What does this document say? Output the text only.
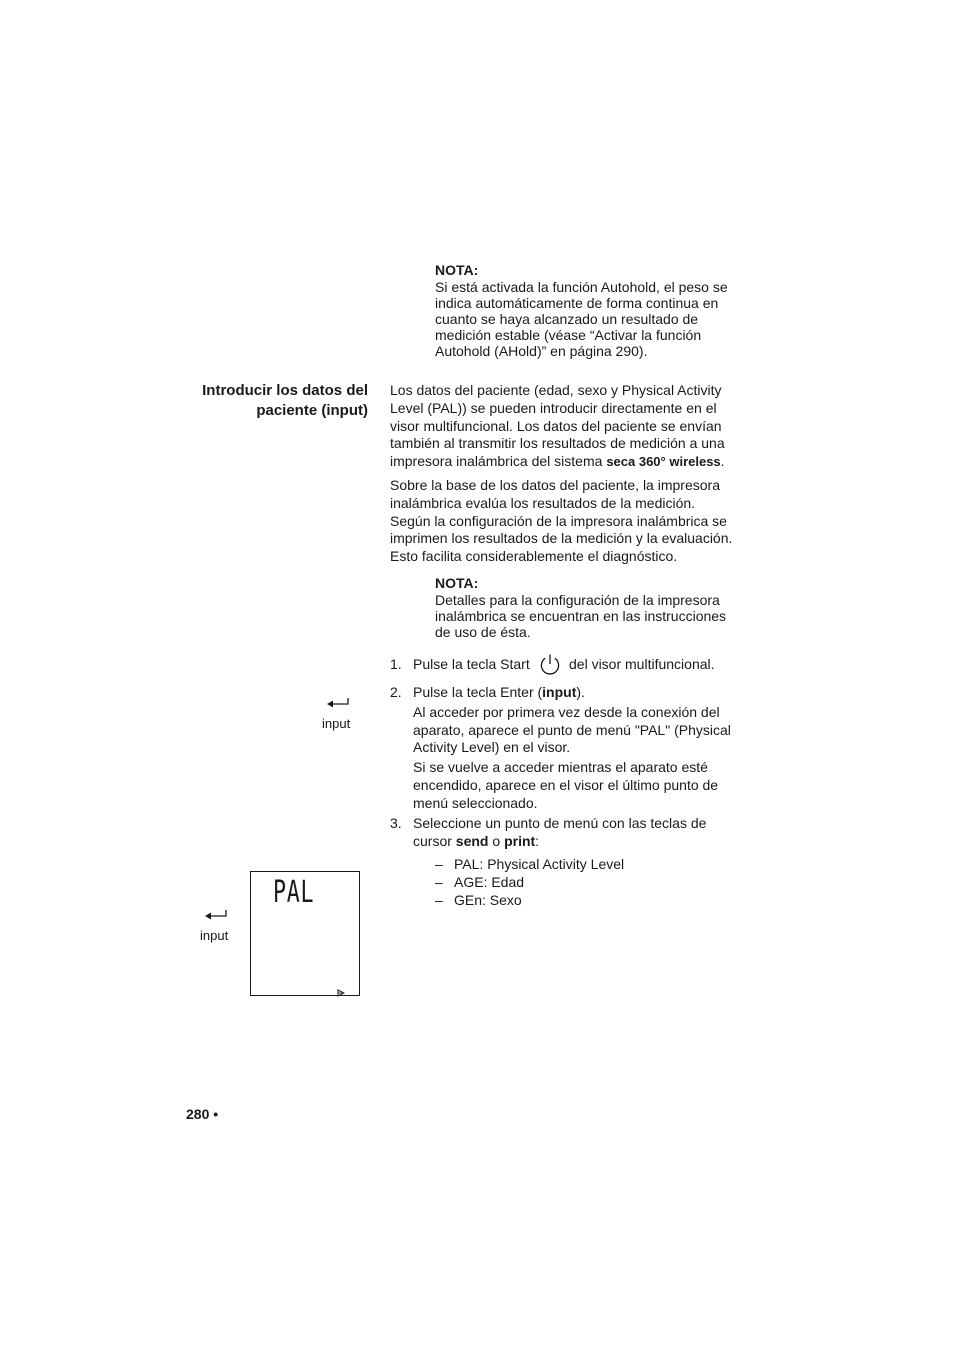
NOTA:
Si está activada la función Autohold, el peso se
indica automáticamente de forma continua en
cuanto se haya alcanzado un resultado de
medición estable (véase “Activar la función
Autohold (AHold)” en página 290).
Introducir los datos del
paciente (input)

Los datos del paciente (edad, sexo y Physical Activity

Level (PAL)) se pueden introducir directamente en el

visor multifuncional. Los datos del paciente se envían

también al transmitir los resultados de medición a una

impresora inalámbrica del sistema seca 360° wireless.

Sobre la base de los datos del paciente, la impresora

inalámbrica evalúa los resultados de la medición.

Según la configuración de la impresora inalámbrica se

imprimen los resultados de la medición y la evaluación.

Esto facilita considerablemente el diagnóstico.

NOTA:
Detalles para la configuración de la impresora
inalámbrica se encuentran en las instrucciones
de uso de ésta.
1. Pulse la tecla Start	del visor multifuncional.
2. Pulse la tecla Enter (input).

Al acceder por primera vez desde la conexión del

aparato, aparece el punto de menú "PAL" (Physical

Activity Level) en el visor.

Si se vuelve a acceder mientras el aparato esté

encendido, aparece en el visor el último punto de

menú seleccionado.

3. Seleccione un punto de menú con las teclas de

cursor send o print:

– PAL: Physical Activity Level
– AGE: Edad
– GEn: Sexo
input
input
PAL
280 •
